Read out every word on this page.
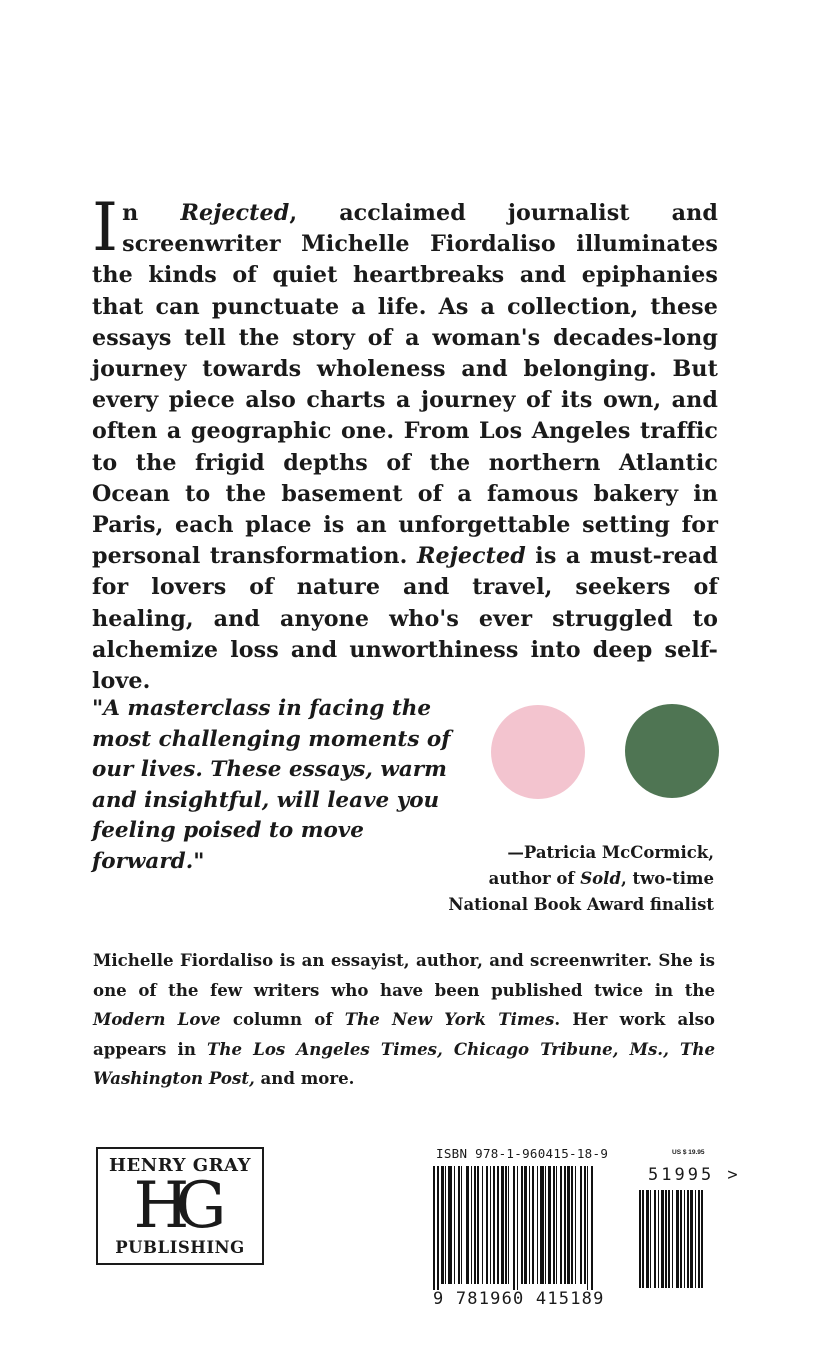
In Rejected, acclaimed journalist and screenwriter Michelle Fiordaliso illuminates the kinds of quiet heartbreaks and epiphanies that can punctuate a life. As a collection, these essays tell the story of a woman's decades-long journey towards wholeness and belonging. But every piece also charts a journey of its own, and often a geographic one. From Los Angeles traffic to the frigid depths of the northern Atlantic Ocean to the basement of a famous bakery in Paris, each place is an unforgettable setting for personal transformation. Rejected is a must-read for lovers of nature and travel, seekers of healing, and anyone who's ever struggled to alchemize loss and unworthiness into deep self-love.

"A masterclass in facing the most challenging moments of our lives. These essays, warm and insightful, will leave you feeling poised to move forward."	—Patricia McCormick,
author of Sold, two-time
National Book Award finalist

Michelle Fiordaliso is an essayist, author, and screenwriter. She is one of the few writers who have been published twice in the Modern Love column of The New York Times. Her work also appears in The Los Angeles Times, Chicago Tribune, Ms., The Washington Post, and more.

HENRY GRAY
HG
PUBLISHING
ISBN 978-1-960415-18-9	US $ 19.95
51995 >
9 781960 415189
